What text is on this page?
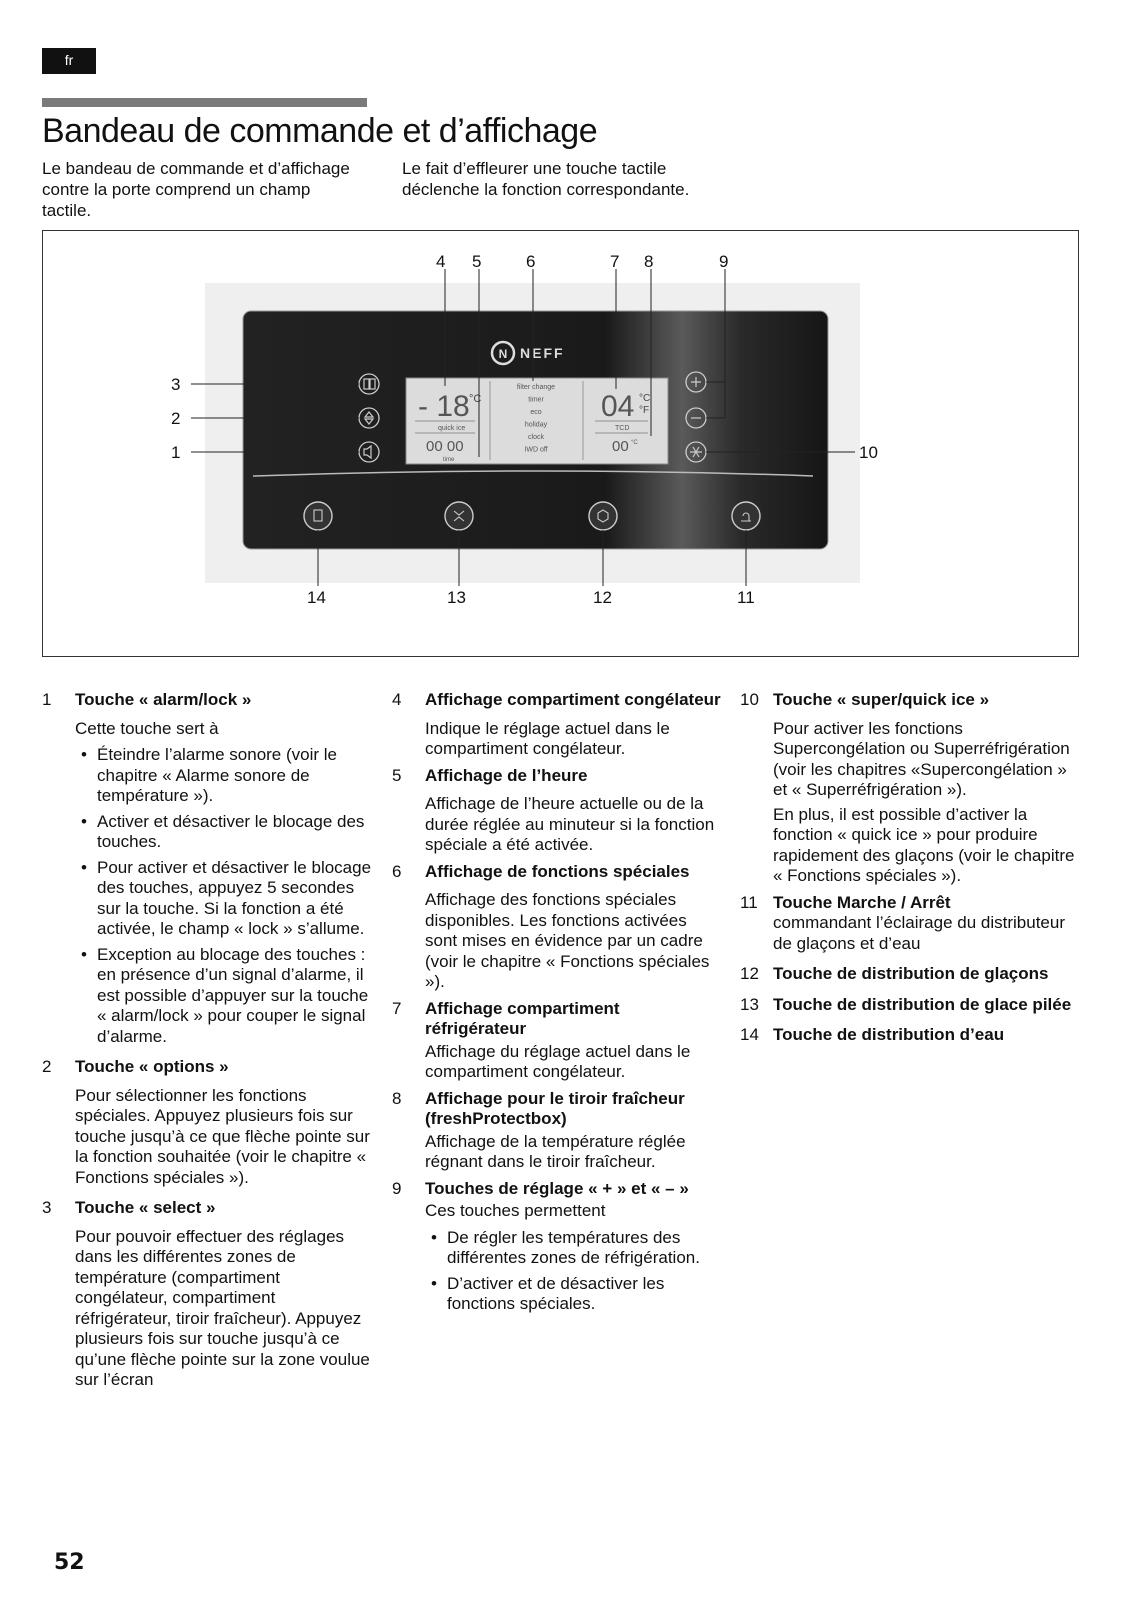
fr
Bandeau de commande et d’affichage
Le bandeau de commande et d’affichage contre la porte comprend un champ tactile.
Le fait d’effleurer une touche tactile déclenche la fonction correspondante.
N NEFF
- 18 °C
quick ice
00 00
time
filter change
timer
eco
holiday
clock
IWD off
04 °C
°F
TCD
00 °C
3
2
1
4 5	6	7 8	9
10
11
12
13
14
1 Touche « alarm/lock »
Cette touche sert à
• Éteindre l’alarme sonore (voir le chapitre « Alarme sonore de température »).
• Activer et désactiver le blocage des touches.
• Pour activer et désactiver le blocage des touches, appuyez 5 secondes sur la touche. Si la fonction a été activée, le champ « lock » s’allume.
• Exception au blocage des touches : en présence d’un signal d’alarme, il est possible d’appuyer sur la touche « alarm/lock » pour couper le signal d’alarme.
2 Touche « options »
Pour sélectionner les fonctions spéciales. Appuyez plusieurs fois sur touche jusqu’à ce que flèche pointe sur la fonction souhaitée (voir le chapitre « Fonctions spéciales »).
3 Touche « select »
Pour pouvoir effectuer des réglages dans les différentes zones de température (compartiment congélateur, compartiment réfrigérateur, tiroir fraîcheur). Appuyez plusieurs fois sur touche jusqu’à ce qu’une flèche pointe sur la zone voulue sur l’écran
4 Affichage compartiment congélateur
Indique le réglage actuel dans le compartiment congélateur.
5 Affichage de l’heure
Affichage de l’heure actuelle ou de la durée réglée au minuteur si la fonction spéciale a été activée.
6 Affichage de fonctions spéciales
Affichage des fonctions spéciales disponibles. Les fonctions activées sont mises en évidence par un cadre (voir le chapitre « Fonctions spéciales »).
7 Affichage compartiment réfrigérateur
Affichage du réglage actuel dans le compartiment congélateur.
8 Affichage pour le tiroir fraîcheur (freshProtectbox)
Affichage de la température réglée régnant dans le tiroir fraîcheur.
9 Touches de réglage « + » et « – »
Ces touches permettent
• De régler les températures des différentes zones de réfrigération.
• D’activer et de désactiver les fonctions spéciales.
10 Touche « super/quick ice »
Pour activer les fonctions Supercongélation ou Superréfrigération (voir les chapitres «Supercongélation » et « Superréfrigération »).
En plus, il est possible d’activer la fonction « quick ice » pour produire rapidement des glaçons (voir le chapitre « Fonctions spéciales »).
11 Touche Marche / Arrêt
commandant l’éclairage du distributeur de glaçons et d’eau
12 Touche de distribution de glaçons
13 Touche de distribution de glace pilée
14 Touche de distribution d’eau
52
